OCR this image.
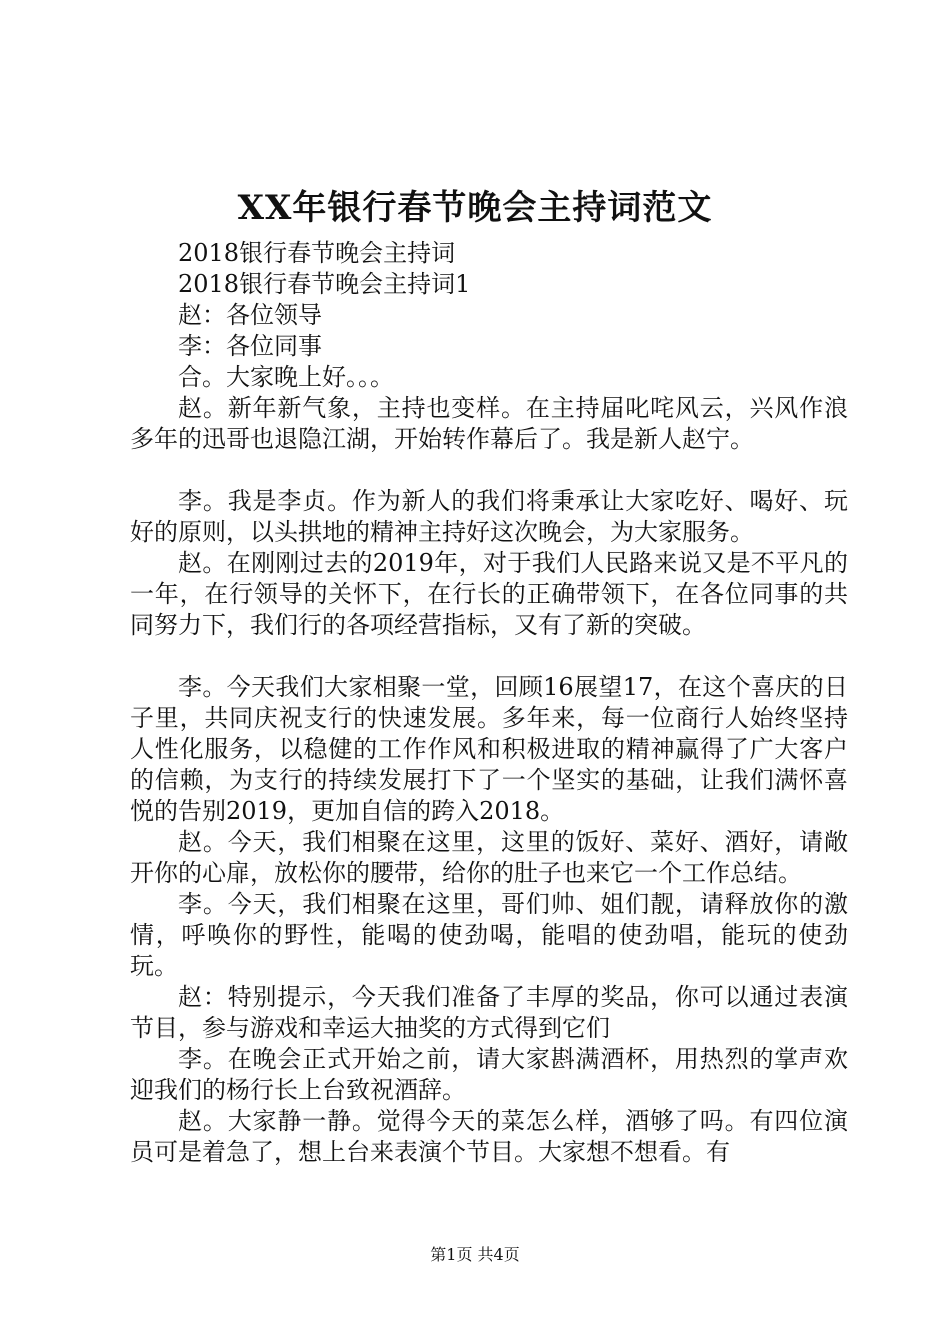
XX年银行春节晚会主持词范文

2018银行春节晚会主持词

2018银行春节晚会主持词1

赵：各位领导

李：各位同事

合。大家晚上好。。。

赵。新年新气象，主持也变样。在主持届叱咤风云，兴风作浪多年的迅哥也退隐江湖，开始转作幕后了。我是新人赵宁。

李。我是李贞。作为新人的我们将秉承让大家吃好、喝好、玩好的原则，以头拱地的精神主持好这次晚会，为大家服务。

赵。在刚刚过去的2019年，对于我们人民路来说又是不平凡的一年，在行领导的关怀下，在行长的正确带领下，在各位同事的共同努力下，我们行的各项经营指标，又有了新的突破。

李。今天我们大家相聚一堂，回顾16展望17，在这个喜庆的日子里，共同庆祝支行的快速发展。多年来，每一位商行人始终坚持人性化服务，以稳健的工作作风和积极进取的精神赢得了广大客户的信赖，为支行的持续发展打下了一个坚实的基础，让我们满怀喜悦的告别2019，更加自信的跨入2018。

赵。今天，我们相聚在这里，这里的饭好、菜好、酒好，请敞开你的心扉，放松你的腰带，给你的肚子也来它一个工作总结。

李。今天，我们相聚在这里，哥们帅、姐们靓，请释放你的激情，呼唤你的野性，能喝的使劲喝，能唱的使劲唱，能玩的使劲玩。

赵：特别提示，今天我们准备了丰厚的奖品，你可以通过表演节目，参与游戏和幸运大抽奖的方式得到它们

李。在晚会正式开始之前，请大家斟满酒杯，用热烈的掌声欢迎我们的杨行长上台致祝酒辞。

赵。大家静一静。觉得今天的菜怎么样，酒够了吗。有四位演员可是着急了，想上台来表演个节目。大家想不想看。有

第1页 共4页
